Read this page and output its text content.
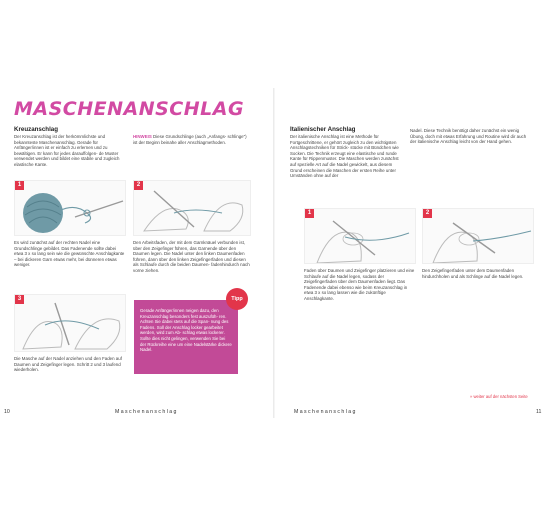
MASCHENANSCHLAG
Kreuzanschlag
Der Kreuzanschlag ist der herkömmlichste und bekannteste Maschenanschlag. Gerade für Anfänger/innen ist er einfach zu erlernen und zu bewältigen. Er kann für jedes darauffolgen- de Muster verwendet werden und bildet eine stabile und zugleich elastische Kante.
HINWEIS Diese Grundschlinge (auch „Anfangs- schlinge") ist der Beginn beinahe aller Anschlagmethoden.
1	2
Es wird zunächst auf der rechten Nadel eine Grundschlinge gebildet. Das Fadenende sollte dabei etwa 3 x so lang sein wie die gewünschte Anschlagkante – bei dickeren Garn etwas mehr, bei dünneren etwas weniger.
Den Arbeitsfaden, der mit dem Garnknäuel verbunden ist, über den Zeigefinger führen, das Garnende über den Daumen legen. Die Nadel unter den linken Daumenfaden führen, dann über den linken Zeigefingerfaden und diesen als Schlaufe durch die beiden Daumen- fadenhindurch nach vorne ziehen.
3
Gerade Anfänger/innen neigen dazu, den Kreuzanschlag besonders fest auszufüh- ren. Achten Sie dabei stets auf die Span- nung des Fadens. Soll der Anschlag locker gearbeitet werden, wird zum Ab- schlag etwas lockerer. Sollte dies nicht gelingen, verwenden Sie bei der Rückreihe eine um eine Nadelstärke dickere Nadel.
Tipp
Die Masche auf der Nadel anziehen und den Faden auf Daumen und Zeigefinger legen. Schritt 2 und 3 laufend wiederholen.
10	Maschenanschlag
Italienischer Anschlag
Der italienische Anschlag ist eine Methode für Fortgeschrittene, er gehört zugleich zu den wichtigsten Anschlagstechniken für Strick- stücke mit Bündchen wie Socken. Die Technik erzeugt eine elastische und runde Kante für Rippenmuster. Die Maschen werden zunächst auf spezielle Art auf die Nadel gewickelt, aus diesem Grund erscheinen die Maschen der ersten Reihe unter Umständen ohne auf der
Nadel. Diese Technik benötigt daher zunächst ein wenig Übung, doch mit etwas Erfahrung und Routine wird dir auch der italienische Anschlag leicht von der Hand gehen.
1	2
Faden über Daumen und Zeigefinger platzieren und eine Schlaufe auf die Nadel legen, sodass der Zeigefingerfaden über dem Daumenfaden liegt. Das Fadenende dabei ebenso wie beim Kreuzanschlag in etwa 3 x so lang lassen wie die zukünftige Anschlagkante.
Den Zeigefingerfaden unter dem Daumenfaden hindurchholen und als Schlinge auf die Nadel legen.
» weiter auf der nächsten Seite
Maschenanschlag	11
